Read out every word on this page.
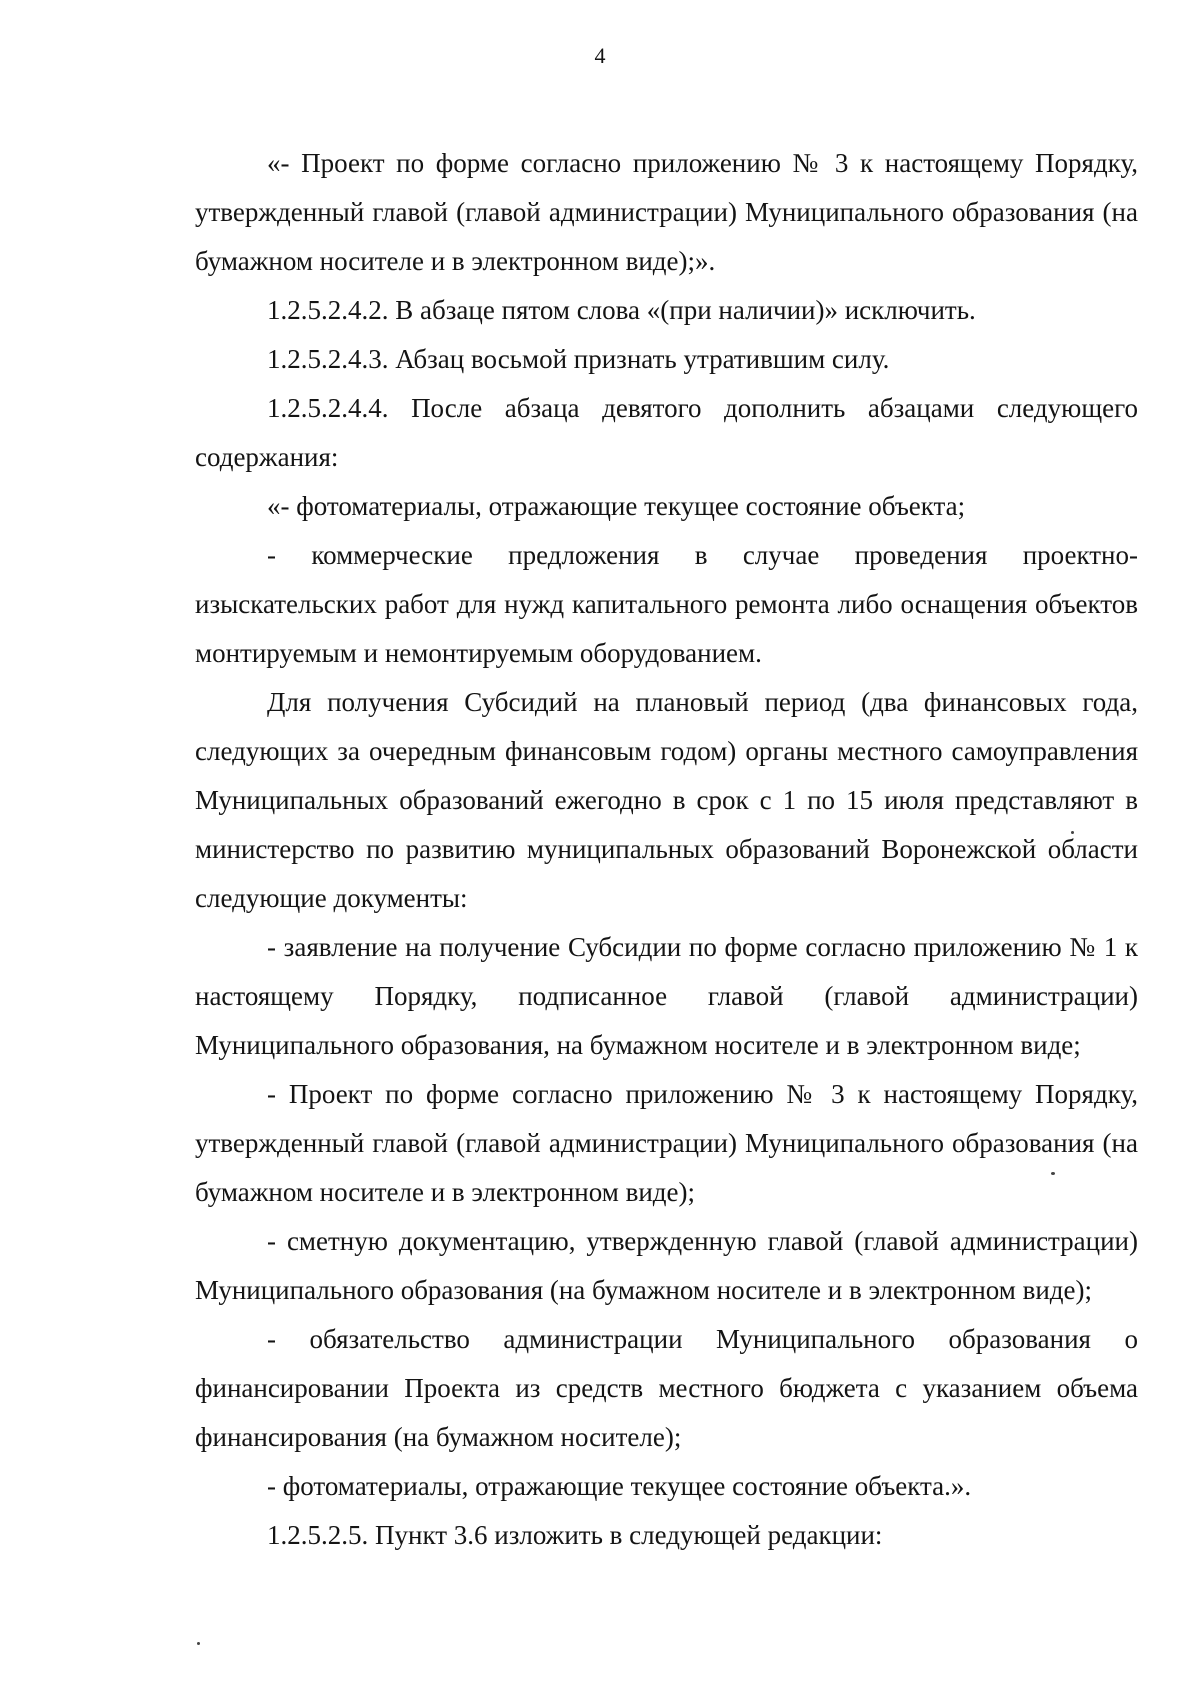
4

«- Проект по форме согласно приложению № 3 к настоящему Порядку, утвержденный главой (главой администрации) Муниципального образования (на бумажном носителе и в электронном виде);».

1.2.5.2.4.2. В абзаце пятом слова «(при наличии)» исключить.

1.2.5.2.4.3. Абзац восьмой признать утратившим силу.

1.2.5.2.4.4. После абзаца девятого дополнить абзацами следующего содержания:

«- фотоматериалы, отражающие текущее состояние объекта;

- коммерческие предложения в случае проведения проектно-изыскательских работ для нужд капитального ремонта либо оснащения объектов монтируемым и немонтируемым оборудованием.

Для получения Субсидий на плановый период (два финансовых года, следующих за очередным финансовым годом) органы местного самоуправления Муниципальных образований ежегодно в срок с 1 по 15 июля представляют в министерство по развитию муниципальных образований Воронежской области следующие документы:

- заявление на получение Субсидии по форме согласно приложению № 1 к настоящему Порядку, подписанное главой (главой администрации) Муниципального образования, на бумажном носителе и в электронном виде;

- Проект по форме согласно приложению № 3 к настоящему Порядку, утвержденный главой (главой администрации) Муниципального образования (на бумажном носителе и в электронном виде);

- сметную документацию, утвержденную главой (главой администрации) Муниципального образования (на бумажном носителе и в электронном виде);

- обязательство администрации Муниципального образования о финансировании Проекта из средств местного бюджета с указанием объема финансирования (на бумажном носителе);

- фотоматериалы, отражающие текущее состояние объекта.».

1.2.5.2.5. Пункт 3.6 изложить в следующей редакции:
